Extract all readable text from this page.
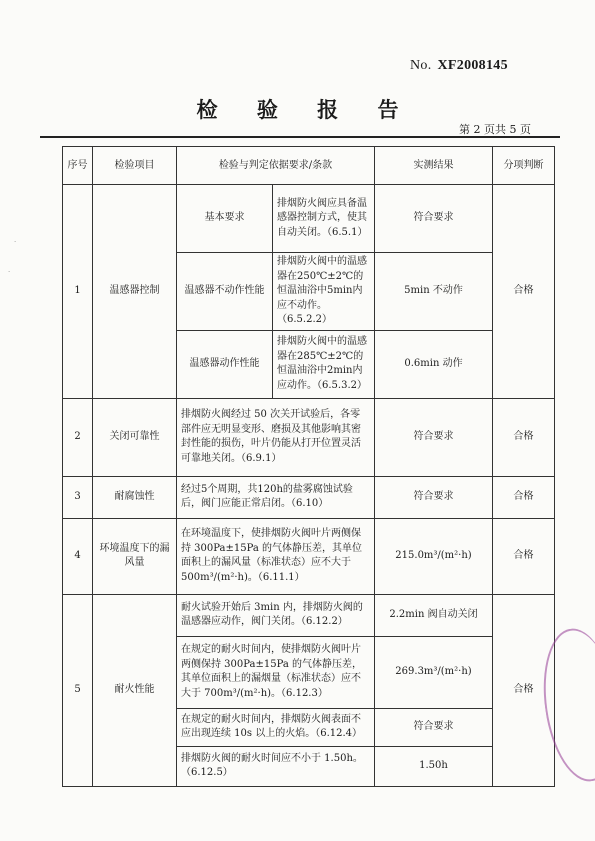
No. XF2008145
检 验 报 告
第 2 页共 5 页
序号	检验项目	检验与判定依据要求/条款		实测结果	分项判断
1	温感器控制	基本要求	排烟防火阀应具备温感器控制方式，使其自动关闭。（6.5.1）	符合要求	合格
		温感器不动作性能	排烟防火阀中的温感器在250℃±2℃的恒温油浴中5min内应不动作。（6.5.2.2）	5min 不动作	
		温感器动作性能	排烟防火阀中的温感器在285℃±2℃的恒温油浴中2min内应动作。（6.5.3.2）	0.6min 动作	
2	关闭可靠性	排烟防火阀经过 50 次关开试验后，各零部件应无明显变形、磨损及其他影响其密封性能的损伤，叶片仍能从打开位置灵活可靠地关闭。（6.9.1）		符合要求	合格
3	耐腐蚀性	经过5个周期，共120h的盐雾腐蚀试验后，阀门应能正常启闭。（6.10）		符合要求	合格
4	环境温度下的漏风量	在环境温度下，使排烟防火阀叶片两侧保持 300Pa±15Pa 的气体静压差，其单位面积上的漏风量（标准状态）应不大于500m³/(m²·h)。（6.11.1）		215.0m³/(m²·h)	合格
5	耐火性能	耐火试验开始后 3min 内，排烟防火阀的温感器应动作，阀门关闭。（6.12.2）		2.2min 阀自动关闭	合格
		在规定的耐火时间内，使排烟防火阀叶片两侧保持 300Pa±15Pa 的气体静压差，其单位面积上的漏烟量（标准状态）应不大于 700m³/(m²·h)。（6.12.3）		269.3m³/(m²·h)	
		在规定的耐火时间内，排烟防火阀表面不应出现连续 10s 以上的火焰。（6.12.4）		符合要求	
		排烟防火阀的耐火时间应不小于 1.50h。（6.12.5）		1.50h	
·
·
